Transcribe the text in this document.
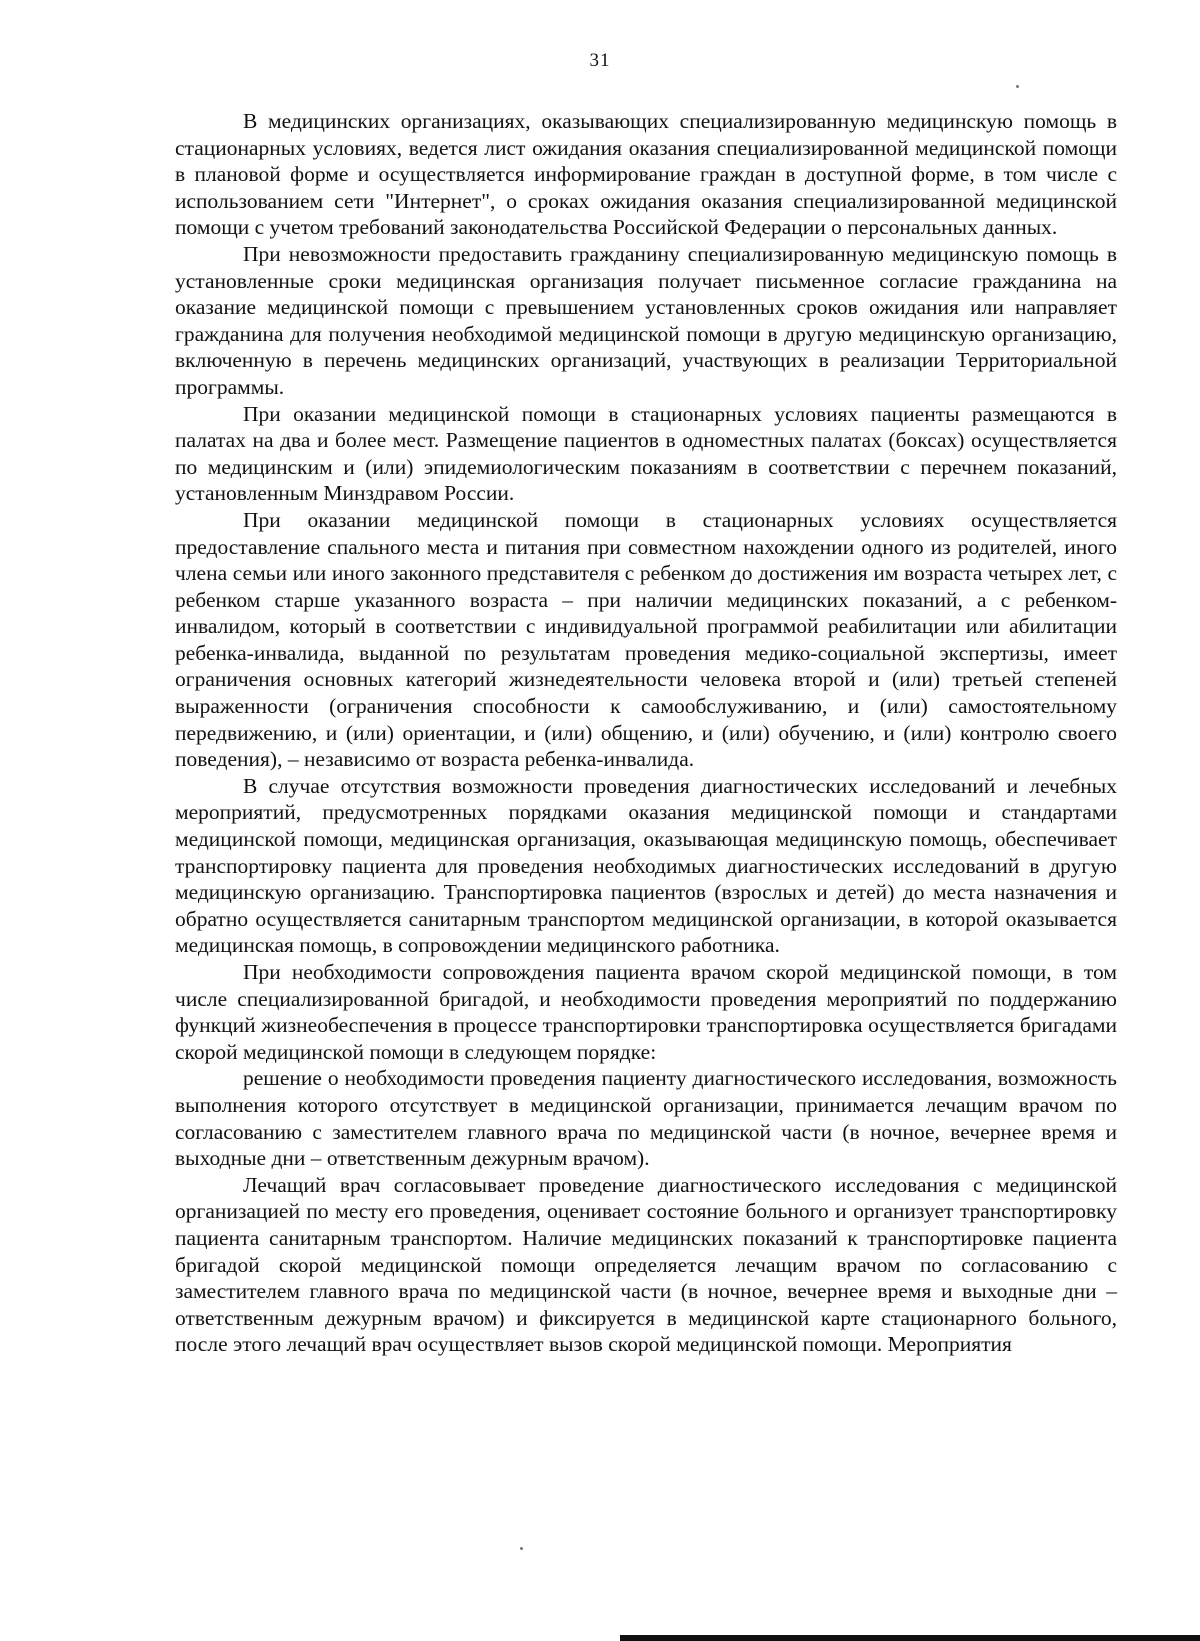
31

В медицинских организациях, оказывающих специализированную медицинскую помощь в стационарных условиях, ведется лист ожидания оказания специализированной медицинской помощи в плановой форме и осуществляется информирование граждан в доступной форме, в том числе с использованием сети "Интернет", о сроках ожидания оказания специализированной медицинской помощи с учетом требований законодательства Российской Федерации о персональных данных.

При невозможности предоставить гражданину специализированную медицинскую помощь в установленные сроки медицинская организация получает письменное согласие гражданина на оказание медицинской помощи с превышением установленных сроков ожидания или направляет гражданина для получения необходимой медицинской помощи в другую медицинскую организацию, включенную в перечень медицинских организаций, участвующих в реализации Территориальной программы.

При оказании медицинской помощи в стационарных условиях пациенты размещаются в палатах на два и более мест. Размещение пациентов в одноместных палатах (боксах) осуществляется по медицинским и (или) эпидемиологическим показаниям в соответствии с перечнем показаний, установленным Минздравом России.

При оказании медицинской помощи в стационарных условиях осуществляется предоставление спального места и питания при совместном нахождении одного из родителей, иного члена семьи или иного законного представителя с ребенком до достижения им возраста четырех лет, с ребенком старше указанного возраста – при наличии медицинских показаний, а с ребенком-инвалидом, который в соответствии с индивидуальной программой реабилитации или абилитации ребенка-инвалида, выданной по результатам проведения медико-социальной экспертизы, имеет ограничения основных категорий жизнедеятельности человека второй и (или) третьей степеней выраженности (ограничения способности к самообслуживанию, и (или) самостоятельному передвижению, и (или) ориентации, и (или) общению, и (или) обучению, и (или) контролю своего поведения), – независимо от возраста ребенка-инвалида.

В случае отсутствия возможности проведения диагностических исследований и лечебных мероприятий, предусмотренных порядками оказания медицинской помощи и стандартами медицинской помощи, медицинская организация, оказывающая медицинскую помощь, обеспечивает транспортировку пациента для проведения необходимых диагностических исследований в другую медицинскую организацию. Транспортировка пациентов (взрослых и детей) до места назначения и обратно осуществляется санитарным транспортом медицинской организации, в которой оказывается медицинская помощь, в сопровождении медицинского работника.

При необходимости сопровождения пациента врачом скорой медицинской помощи, в том числе специализированной бригадой, и необходимости проведения мероприятий по поддержанию функций жизнеобеспечения в процессе транспортировки транспортировка осуществляется бригадами скорой медицинской помощи в следующем порядке:

решение о необходимости проведения пациенту диагностического исследования, возможность выполнения которого отсутствует в медицинской организации, принимается лечащим врачом по согласованию с заместителем главного врача по медицинской части (в ночное, вечернее время и выходные дни – ответственным дежурным врачом).

Лечащий врач согласовывает проведение диагностического исследования с медицинской организацией по месту его проведения, оценивает состояние больного и организует транспортировку пациента санитарным транспортом. Наличие медицинских показаний к транспортировке пациента бригадой скорой медицинской помощи определяется лечащим врачом по согласованию с заместителем главного врача по медицинской части (в ночное, вечернее время и выходные дни – ответственным дежурным врачом) и фиксируется в медицинской карте стационарного больного, после этого лечащий врач осуществляет вызов скорой медицинской помощи. Мероприятия
